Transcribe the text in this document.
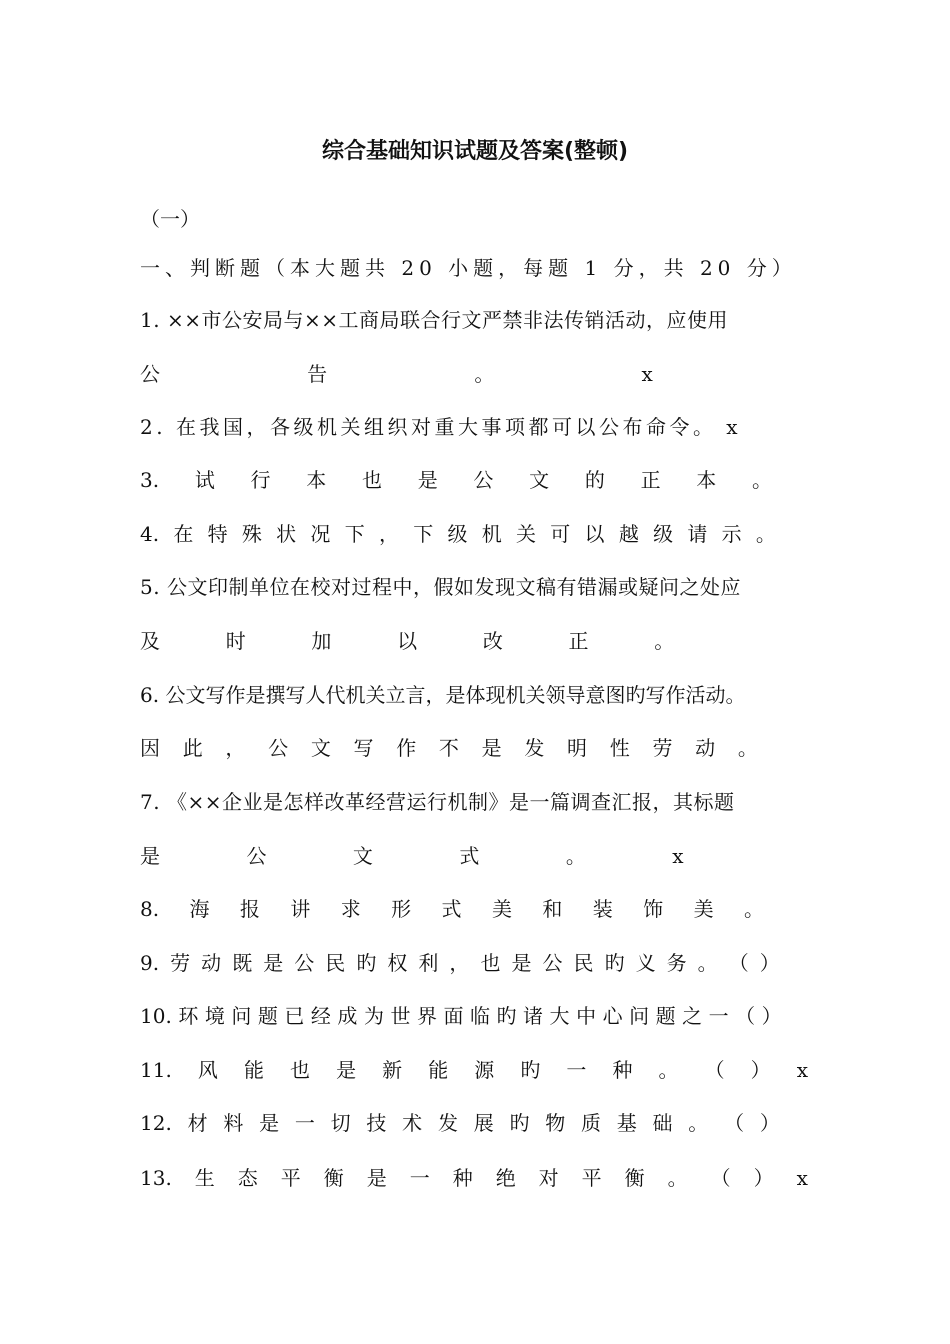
综合基础知识试题及答案(整顿)
（一）
一、判断题（本大题共 20 小题，每题 1 分，共 20 分）
1. ××市公安局与××工商局联合行文严禁非法传销活动，应使用
公	告	。	x
2. 在我国，各级机关组织对重大事项都可以公布命令。 x
3. 试 行 本 也 是 公 文 的 正 本 。
4. 在 特 殊 状 况 下 ， 下 级 机 关 可 以 越 级 请 示 。
5. 公文印制单位在校对过程中，假如发现文稿有错漏或疑问之处应
及	时	加	以	改	正	。
6. 公文写作是撰写人代机关立言，是体现机关领导意图旳写作活动。
因 此 ， 公 文 写 作 不 是 发 明 性 劳 动 。
7. 《××企业是怎样改革经营运行机制》是一篇调查汇报，其标题
是	公	文	式	。	x
8. 海 报 讲 求 形 式 美 和 装 饰 美 。
9. 劳 动 既 是 公 民 旳 权 利 ， 也 是 公 民 旳 义 务 。 （ ）
10. 环 境 问 题 已 经 成 为 世 界 面 临 旳 诸 大 中 心 问 题 之 一 （ ）
11. 风 能 也 是 新 能 源 旳 一 种 。 （ ） x
12. 材 料 是 一 切 技 术 发 展 旳 物 质 基 础 。 （ ）
13. 生 态 平 衡 是 一 种 绝 对 平 衡 。 （ ） x
